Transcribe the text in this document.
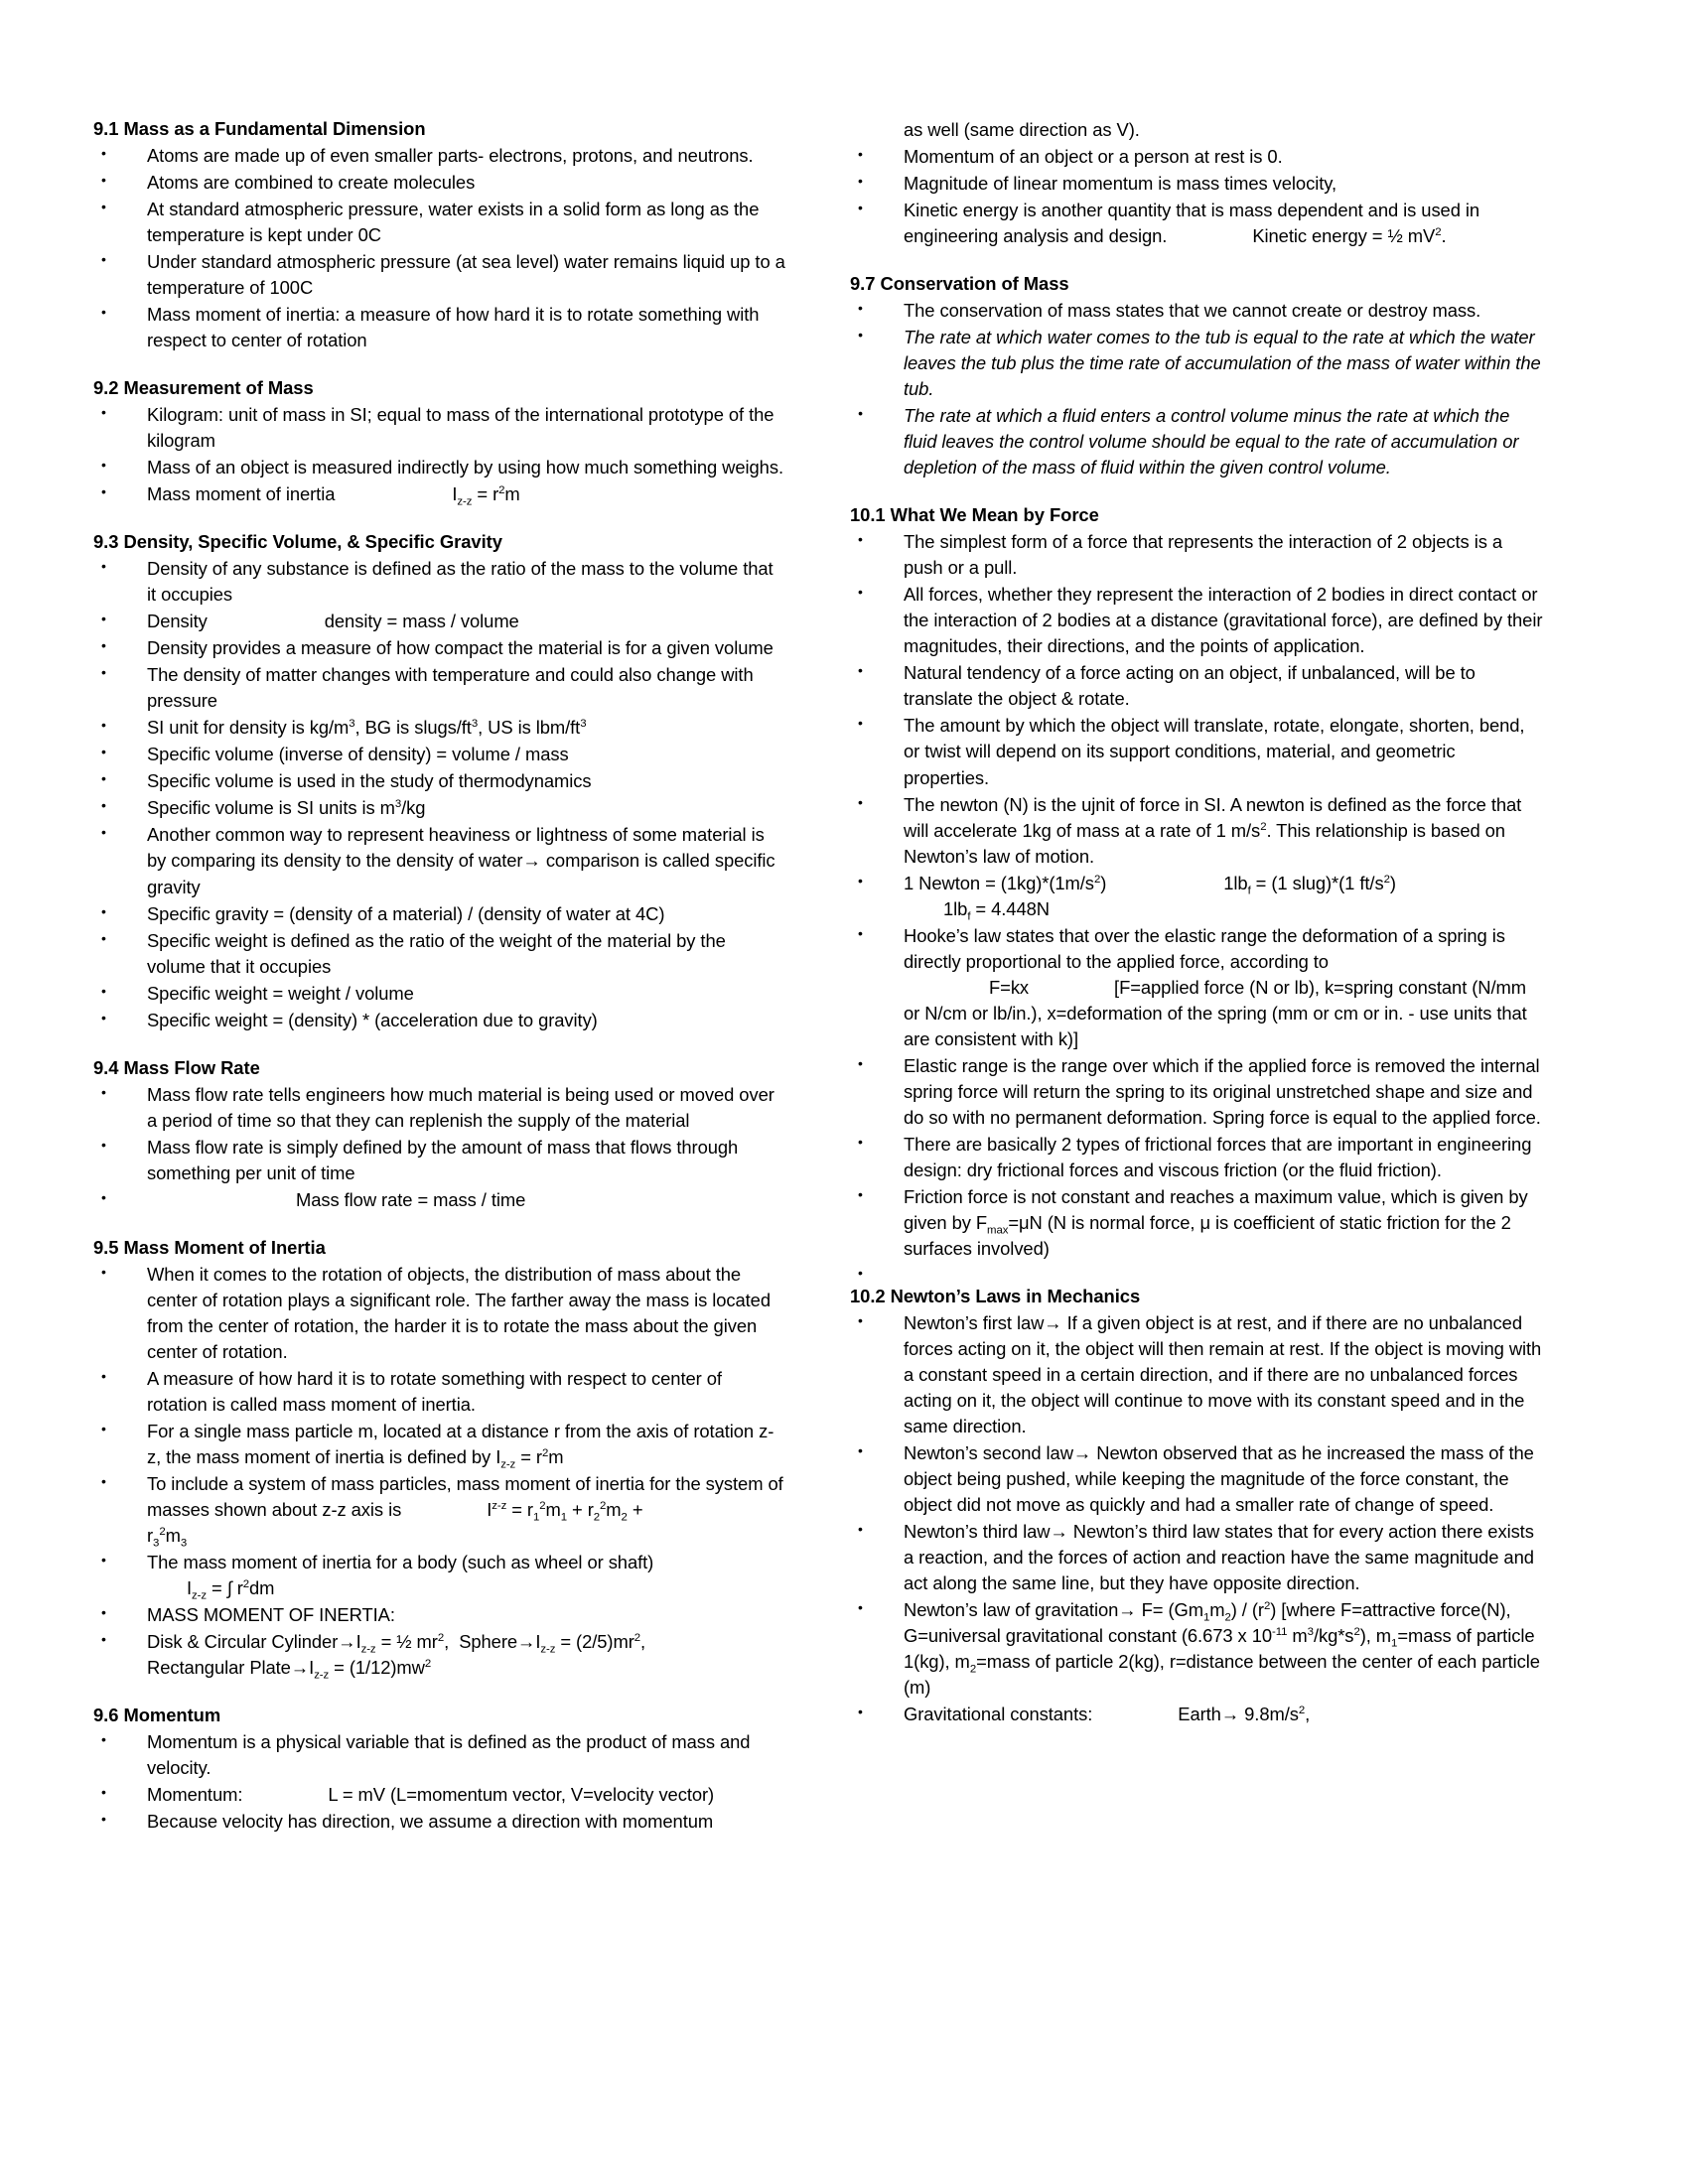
9.1 Mass as a Fundamental Dimension
• Atoms are made up of even smaller parts- electrons, protons, and neutrons.
• Atoms are combined to create molecules
• At standard atmospheric pressure, water exists in a solid form as long as the temperature is kept under 0C
• Under standard atmospheric pressure (at sea level) water remains liquid up to a temperature of 100C
• Mass moment of inertia: a measure of how hard it is to rotate something with respect to center of rotation
9.2 Measurement of Mass
• Kilogram: unit of mass in SI; equal to mass of the international prototype of the kilogram
• Mass of an object is measured indirectly by using how much something weighs.
• Mass moment of inertia	$I_{z-z} = r^2m$
9.3 Density, Specific Volume, & Specific Gravity
• Density of any substance is defined as the ratio of the mass to the volume that it occupies
• Density	density = mass / volume
• Density provides a measure of how compact the material is for a given volume
• The density of matter changes with temperature and could also change with pressure
• SI unit for density is $kg/m^3$, BG is slugs/$ft^3$, US is lbm/$ft^3$
• Specific volume (inverse of density) = volume / mass
• Specific volume is used in the study of thermodynamics
• Specific volume is SI units is $m^3/kg$
• Another common way to represent heaviness or lightness of some material is by comparing its density to the density of water→ comparison is called specific gravity
• Specific gravity = (density of a material) / (density of water at 4C)
• Specific weight is defined as the ratio of the weight of the material by the volume that it occupies
• Specific weight = weight / volume
• Specific weight = (density) * (acceleration due to gravity)
9.4 Mass Flow Rate
• Mass flow rate tells engineers how much material is being used or moved over a period of time so that they can replenish the supply of the material
• Mass flow rate is simply defined by the amount of mass that flows through something per unit of time
• Mass flow rate = mass / time
9.5 Mass Moment of Inertia
• When it comes to the rotation of objects, the distribution of mass about the center of rotation plays a significant role. The farther away the mass is located from the center of rotation, the harder it is to rotate the mass about the given center of rotation.
• A measure of how hard it is to rotate something with respect to center of rotation is called mass moment of inertia.
• For a single mass particle m, located at a distance r from the axis of rotation z-z, the mass moment of inertia is defined by $I_{z-z} = r^2m$
• To include a system of mass particles, mass moment of inertia for the system of masses shown about z-z axis is	$I^{z-z} = r_1^2m_1 + r_2^2m_2$ +
$r_3^2m_3$
• The mass moment of inertia for a body (such as wheel or shaft)
$I_{z-z}$ = ∫ $r^2dm$
• MASS MOMENT OF INERTIA:
• Disk & Circular $Cylinder\to I_{z-z}$ = ½ $mr^2$,  $Sphere\to I_{z-z} = (2/5)mr^2$,
Rectangular $Plate\to I_{z-z} = (1/12)mw^2$
9.6 Momentum
• Momentum is a physical variable that is defined as the product of mass and velocity.
• Momentum:	L = mV (L=momentum vector, V=velocity vector)
• Because velocity has direction, we assume a direction with momentum
as well (same direction as V).
• Momentum of an object or a person at rest is 0.
• Magnitude of linear momentum is mass times velocity,
• Kinetic energy is another quantity that is mass dependent and is used in engineering analysis and design.	Kinetic energy = ½ $mV^2$.
9.7 Conservation of Mass
• The conservation of mass states that we cannot create or destroy mass.
• The rate at which water comes to the tub is equal to the rate at which the water leaves the tub plus the time rate of accumulation of the mass of water within the tub.
• The rate at which a fluid enters a control volume minus the rate at which the fluid leaves the control volume should be equal to the rate of accumulation or depletion of the mass of fluid within the given control volume.
10.1 What We Mean by Force
• The simplest form of a force that represents the interaction of 2 objects is a push or a pull.
• All forces, whether they represent the interaction of 2 bodies in direct contact or the interaction of 2 bodies at a distance (gravitational force), are defined by their magnitudes, their directions, and the points of application.
• Natural tendency of a force acting on an object, if unbalanced, will be to translate the object & rotate.
• The amount by which the object will translate, rotate, elongate, shorten, bend, or twist will depend on its support conditions, material, and geometric properties.
• The newton (N) is the ujnit of force in SI. A newton is defined as the force that will accelerate 1kg of mass at a rate of 1 $m/s^2$. This relationship is based on Newton’s law of motion.
• 1 Newton = $(1kg)*(1m/s^2)$	$1lb_f = (1$ slug)*(1 $ft/s^2$)
$1lb_f = 4.448N$
• Hooke’s law states that over the elastic range the deformation of a spring is directly proportional to the applied force, according to
F=kx	[F=applied force (N or lb), k=spring constant (N/mm or N/cm or lb/in.), x=deformation of the spring (mm or cm or in. - use units that are consistent with k)]
• Elastic range is the range over which if the applied force is removed the internal spring force will return the spring to its original unstretched shape and size and do so with no permanent deformation. Spring force is equal to the applied force.
• There are basically 2 types of frictional forces that are important in engineering design: dry frictional forces and viscous friction (or the fluid friction).
• Friction force is not constant and reaches a maximum value, which is given by given by $F_{max}=\mu N$ (N is normal force, μ is coefficient of static friction for the 2 surfaces involved)
10.2 Newton’s Laws in Mechanics
• Newton’s first law→ If a given object is at rest, and if there are no unbalanced forces acting on it, the object will then remain at rest. If the object is moving with a constant speed in a certain direction, and if there are no unbalanced forces acting on it, the object will continue to move with its constant speed and in the same direction.
• Newton’s second law→ Newton observed that as he increased the mass of the object being pushed, while keeping the magnitude of the force constant, the object did not move as quickly and had a smaller rate of change of speed.
• Newton’s third law→ Newton’s third law states that for every action there exists a reaction, and the forces of action and reaction have the same magnitude and act along the same line, but they have opposite direction.
• Newton’s law of gravitation→ $F= (Gm_1m_2) / (r^2)$ [where F=attractive force(N), G=universal gravitational constant (6.673 x $10^{-11}$ $m^3/kg*s^2$), $m_1=mass$ of particle 1(kg), $m_2=mass$ of particle 2(kg), r=distance between the center of each particle (m)
• Gravitational constants:	Earth→ $9.8m/s^2$,
